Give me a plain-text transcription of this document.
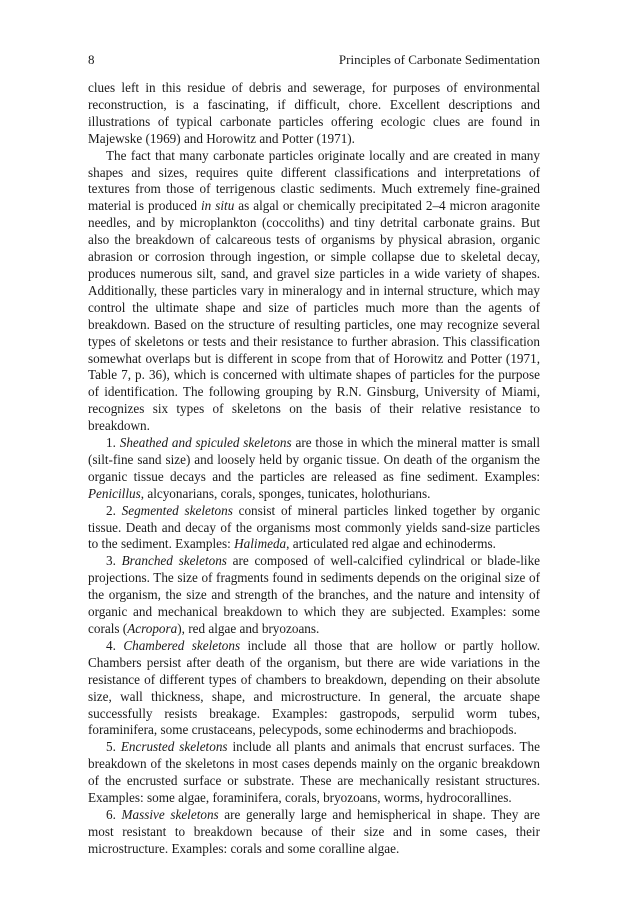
8	Principles of Carbonate Sedimentation

clues left in this residue of debris and sewerage, for purposes of environmental reconstruction, is a fascinating, if difficult, chore. Excellent descriptions and illustrations of typical carbonate particles offering ecologic clues are found in Majewske (1969) and Horowitz and Potter (1971).

The fact that many carbonate particles originate locally and are created in many shapes and sizes, requires quite different classifications and interpretations of textures from those of terrigenous clastic sediments. Much extremely fine-grained material is produced in situ as algal or chemically precipitated 2–4 micron aragonite needles, and by microplankton (coccoliths) and tiny detrital carbonate grains. But also the breakdown of calcareous tests of organisms by physical abrasion, organic abrasion or corrosion through ingestion, or simple collapse due to skeletal decay, produces numerous silt, sand, and gravel size particles in a wide variety of shapes. Additionally, these particles vary in mineralogy and in internal structure, which may control the ultimate shape and size of particles much more than the agents of breakdown. Based on the structure of resulting particles, one may recognize several types of skeletons or tests and their resistance to further abrasion. This classification somewhat overlaps but is different in scope from that of Horowitz and Potter (1971, Table 7, p. 36), which is concerned with ultimate shapes of particles for the purpose of identification. The following grouping by R.N. Ginsburg, University of Miami, recognizes six types of skeletons on the basis of their relative resistance to breakdown.

1. Sheathed and spiculed skeletons are those in which the mineral matter is small (silt-fine sand size) and loosely held by organic tissue. On death of the organism the organic tissue decays and the particles are released as fine sediment. Examples: Penicillus, alcyonarians, corals, sponges, tunicates, holothurians.

2. Segmented skeletons consist of mineral particles linked together by organic tissue. Death and decay of the organisms most commonly yields sand-size particles to the sediment. Examples: Halimeda, articulated red algae and echinoderms.

3. Branched skeletons are composed of well-calcified cylindrical or blade-like projections. The size of fragments found in sediments depends on the original size of the organism, the size and strength of the branches, and the nature and intensity of organic and mechanical breakdown to which they are subjected. Examples: some corals (Acropora), red algae and bryozoans.

4. Chambered skeletons include all those that are hollow or partly hollow. Chambers persist after death of the organism, but there are wide variations in the resistance of different types of chambers to breakdown, depending on their absolute size, wall thickness, shape, and microstructure. In general, the arcuate shape successfully resists breakage. Examples: gastropods, serpulid worm tubes, foraminifera, some crustaceans, pelecypods, some echinoderms and brachiopods.

5. Encrusted skeletons include all plants and animals that encrust surfaces. The breakdown of the skeletons in most cases depends mainly on the organic breakdown of the encrusted surface or substrate. These are mechanically resistant structures. Examples: some algae, foraminifera, corals, bryozoans, worms, hydrocorallines.

6. Massive skeletons are generally large and hemispherical in shape. They are most resistant to breakdown because of their size and in some cases, their microstructure. Examples: corals and some coralline algae.
